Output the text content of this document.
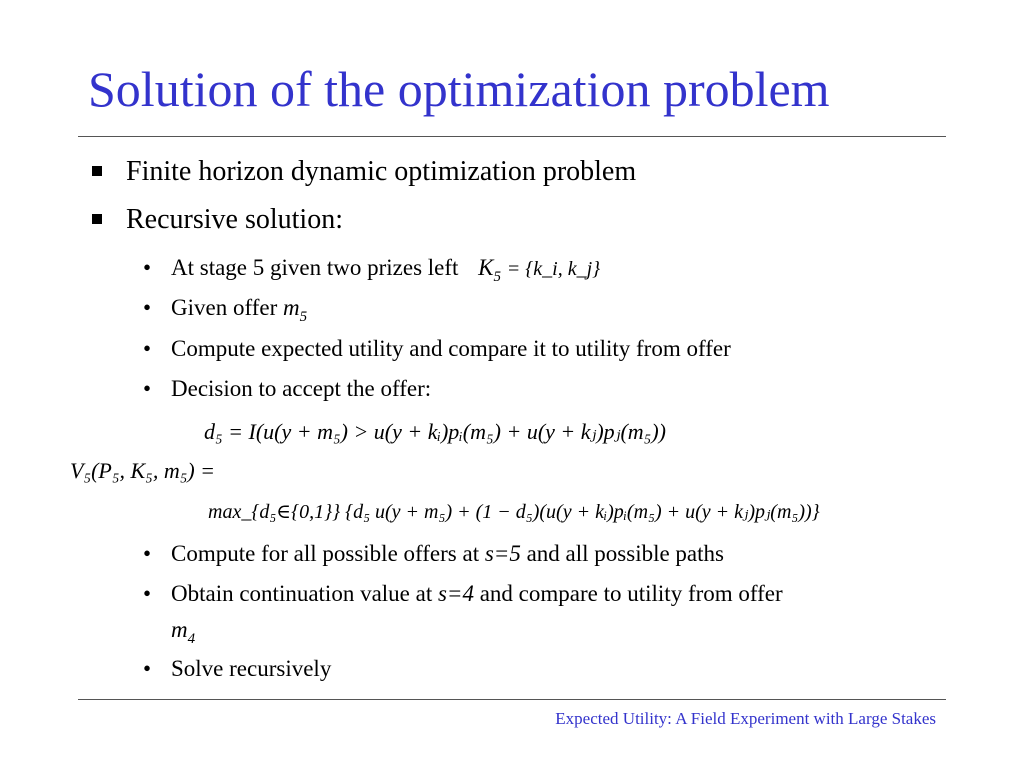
Solution of the optimization problem
Finite horizon dynamic optimization problem
Recursive solution:
• At stage 5 given two prizes left $K_5$ = {k_i, k_j}
• Given offer $m_5$
• Compute expected utility and compare it to utility from offer
• Decision to accept the offer:
d₅ = I(u(y + m₅) > u(y + kᵢ)pᵢ(m₅) + u(y + kⱼ)pⱼ(m₅))
V₅(P₅, K₅, m₅) =
max_{d₅∈{0,1}} {d₅ u(y + m₅) + (1 − d₅)(u(y + kᵢ)pᵢ(m₅) + u(y + kⱼ)pⱼ(m₅))}
• Compute for all possible offers at s=5 and all possible paths
• Obtain continuation value at s=4 and compare to utility from offer
$m_4$
• Solve recursively
Expected Utility: A Field Experiment with Large Stakes
